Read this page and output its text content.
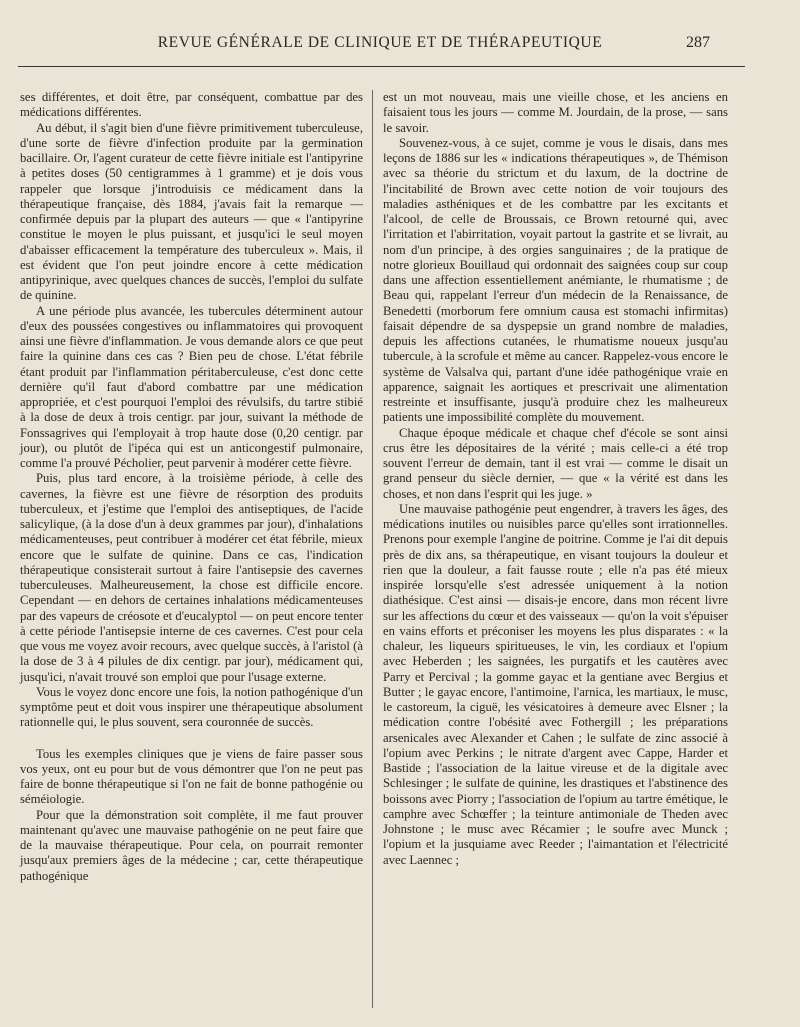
REVUE GÉNÉRALE DE CLINIQUE ET DE THÉRAPEUTIQUE	287

ses différentes, et doit être, par conséquent, combattue par des médications différentes.

Au début, il s'agit bien d'une fièvre primitivement tuberculeuse, d'une sorte de fièvre d'infection produite par la germination bacillaire. Or, l'agent curateur de cette fièvre initiale est l'antipyrine à petites doses (50 centigrammes à 1 gramme) et je dois vous rappeler que lorsque j'introduisis ce médicament dans la thérapeutique française, dès 1884, j'avais fait la remarque — confirmée depuis par la plupart des auteurs — que « l'antipyrine constitue le moyen le plus puissant, et jusqu'ici le seul moyen d'abaisser efficacement la température des tuberculeux ». Mais, il est évident que l'on peut joindre encore à cette médication antipyrinique, avec quelques chances de succès, l'emploi du sulfate de quinine.

A une période plus avancée, les tubercules déterminent autour d'eux des poussées congestives ou inflammatoires qui provoquent ainsi une fièvre d'inflammation. Je vous demande alors ce que peut faire la quinine dans ces cas ? Bien peu de chose. L'état fébrile étant produit par l'inflammation péritaberculeuse, c'est donc cette dernière qu'il faut d'abord combattre par une médication appropriée, et c'est pourquoi l'emploi des révulsifs, du tartre stibié à la dose de deux à trois centigr. par jour, suivant la méthode de Fonssagrives qui l'employait à trop haute dose (0,20 centigr. par jour), ou plutôt de l'ipéca qui est un anticongestif pulmonaire, comme l'a prouvé Pécholier, peut parvenir à modérer cette fièvre.

Puis, plus tard encore, à la troisième période, à celle des cavernes, la fièvre est une fièvre de résorption des produits tuberculeux, et j'estime que l'emploi des antiseptiques, de l'acide salicylique, (à la dose d'un à deux grammes par jour), d'inhalations médicamenteuses, peut contribuer à modérer cet état fébrile, mieux encore que le sulfate de quinine. Dans ce cas, l'indication thérapeutique consisterait surtout à faire l'antisepsie des cavernes tuberculeuses. Malheureusement, la chose est difficile encore. Cependant — en dehors de certaines inhalations médicamenteuses par des vapeurs de créosote et d'eucalyptol — on peut encore tenter à cette période l'antisepsie interne de ces cavernes. C'est pour cela que vous me voyez avoir recours, avec quelque succès, à l'aristol (à la dose de 3 à 4 pilules de dix centigr. par jour), médicament qui, jusqu'ici, n'avait trouvé son emploi que pour l'usage externe.

Vous le voyez donc encore une fois, la notion pathogénique d'un symptôme peut et doit vous inspirer une thérapeutique absolument rationnelle qui, le plus souvent, sera couronnée de succès.

Tous les exemples cliniques que je viens de faire passer sous vos yeux, ont eu pour but de vous démontrer que l'on ne peut pas faire de bonne thérapeutique si l'on ne fait de bonne pathogénie ou séméiologie.

Pour que la démonstration soit complète, il me faut prouver maintenant qu'avec une mauvaise pathogénie on ne peut faire que de la mauvaise thérapeutique. Pour cela, on pourrait remonter jusqu'aux premiers âges de la médecine ; car, cette thérapeutique pathogénique

est un mot nouveau, mais une vieille chose, et les anciens en faisaient tous les jours — comme M. Jourdain, de la prose, — sans le savoir.

Souvenez-vous, à ce sujet, comme je vous le disais, dans mes leçons de 1886 sur les « indications thérapeutiques », de Thémison avec sa théorie du strictum et du laxum, de la doctrine de l'incitabilité de Brown avec cette notion de voir toujours des maladies asthéniques et de les combattre par les excitants et l'alcool, de celle de Broussais, ce Brown retourné qui, avec l'irritation et l'abirritation, voyait partout la gastrite et se livrait, au nom d'un principe, à des orgies sanguinaires ; de la pratique de notre glorieux Bouillaud qui ordonnait des saignées coup sur coup dans une affection essentiellement anémiante, le rhumatisme ; de Beau qui, rappelant l'erreur d'un médecin de la Renaissance, de Benedetti (morborum fere omnium causa est stomachi infirmitas) faisait dépendre de sa dyspepsie un grand nombre de maladies, depuis les affections cutanées, le rhumatisme noueux jusqu'au tubercule, à la scrofule et même au cancer. Rappelez-vous encore le système de Valsalva qui, partant d'une idée pathogénique vraie en apparence, saignait les aortiques et prescrivait une alimentation restreinte et insuffisante, jusqu'à produire chez les malheureux patients une impossibilité complète du mouvement.

Chaque époque médicale et chaque chef d'école se sont ainsi crus être les dépositaires de la vérité ; mais celle-ci a été trop souvent l'erreur de demain, tant il est vrai — comme le disait un grand penseur du siècle dernier, — que « la vérité est dans les choses, et non dans l'esprit qui les juge. »

Une mauvaise pathogénie peut engendrer, à travers les âges, des médications inutiles ou nuisibles parce qu'elles sont irrationnelles. Prenons pour exemple l'angine de poitrine. Comme je l'ai dit depuis près de dix ans, sa thérapeutique, en visant toujours la douleur et rien que la douleur, a fait fausse route ; elle n'a pas été mieux inspirée lorsqu'elle s'est adressée uniquement à la notion diathésique. C'est ainsi — disais-je encore, dans mon récent livre sur les affections du cœur et des vaisseaux — qu'on la voit s'épuiser en vains efforts et préconiser les moyens les plus disparates : « la chaleur, les liqueurs spiritueuses, le vin, les cordiaux et l'opium avec Heberden ; les saignées, les purgatifs et les cautères avec Parry et Percival ; la gomme gayac et la gentiane avec Bergius et Butter ; le gayac encore, l'antimoine, l'arnica, les martiaux, le musc, le castoreum, la ciguë, les vésicatoires à demeure avec Elsner ; la médication contre l'obésité avec Fothergill ; les préparations arsenicales avec Alexander et Cahen ; le sulfate de zinc associé à l'opium avec Perkins ; le nitrate d'argent avec Cappe, Harder et Bastide ; l'association de la laitue vireuse et de la digitale avec Schlesinger ; le sulfate de quinine, les drastiques et l'abstinence des boissons avec Piorry ; l'association de l'opium au tartre émétique, le camphre avec Schœffer ; la teinture antimoniale de Theden avec Johnstone ; le musc avec Récamier ; le soufre avec Munck ; l'opium et la jusquiame avec Reeder ; l'aimantation et l'électricité avec Laennec ;
